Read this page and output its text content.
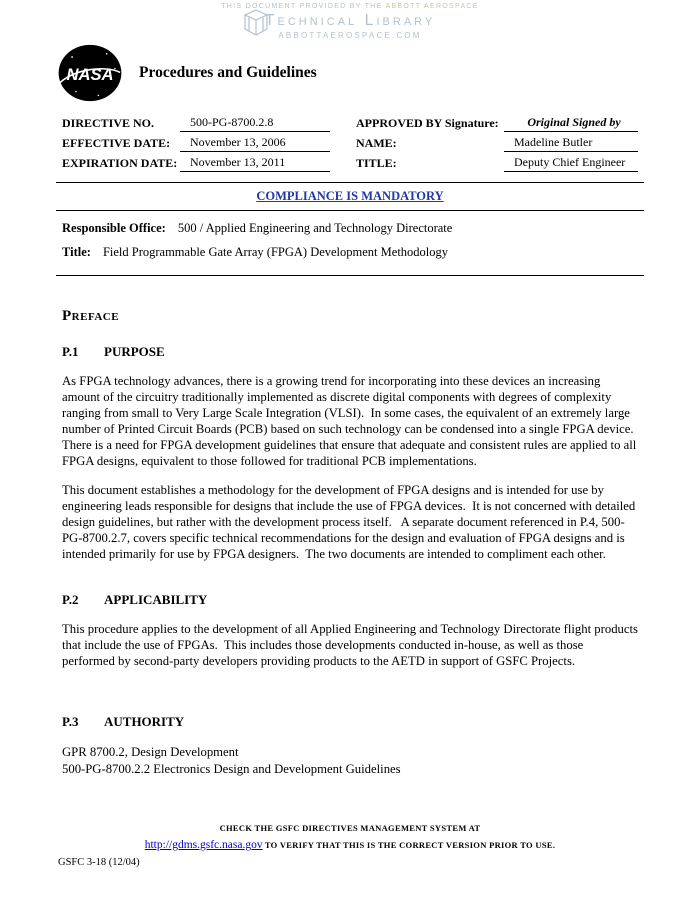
THIS DOCUMENT PROVIDED BY THE ABBOTT AEROSPACE
Technical Library
ABBOTTAEROSPACE.COM
NASA Procedures and Guidelines
DIRECTIVE NO.	500-PG-8700.2.8	APPROVED BY Signature:	Original Signed by
EFFECTIVE DATE:	November 13, 2006	NAME:	Madeline Butler
EXPIRATION DATE:	November 13, 2011	TITLE:	Deputy Chief Engineer
COMPLIANCE IS MANDATORY
Responsible Office: 500 / Applied Engineering and Technology Directorate
Title: Field Programmable Gate Array (FPGA) Development Methodology
Preface
P.1 PURPOSE

As FPGA technology advances, there is a growing trend for incorporating into these devices an increasing amount of the circuitry traditionally implemented as discrete digital components with degrees of complexity ranging from small to Very Large Scale Integration (VLSI).  In some cases, the equivalent of an extremely large number of Printed Circuit Boards (PCB) based on such technology can be condensed into a single FPGA device.  There is a need for FPGA development guidelines that ensure that adequate and consistent rules are applied to all FPGA designs, equivalent to those followed for traditional PCB implementations.

This document establishes a methodology for the development of FPGA designs and is intended for use by engineering leads responsible for designs that include the use of FPGA devices.  It is not concerned with detailed design guidelines, but rather with the development process itself.   A separate document referenced in P.4, 500-PG-8700.2.7, covers specific technical recommendations for the design and evaluation of FPGA designs and is intended primarily for use by FPGA designers.  The two documents are intended to compliment each other.

P.2 APPLICABILITY

This procedure applies to the development of all Applied Engineering and Technology Directorate flight products that include the use of FPGAs.  This includes those developments conducted in-house, as well as those performed by second-party developers providing products to the AETD in support of GSFC Projects.

P.3 AUTHORITY
GPR 8700.2, Design Development
500-PG-8700.2.2 Electronics Design and Development Guidelines
CHECK THE GSFC DIRECTIVES MANAGEMENT SYSTEM AT
http://gdms.gsfc.nasa.gov TO VERIFY THAT THIS IS THE CORRECT VERSION PRIOR TO USE.
GSFC 3-18 (12/04)
